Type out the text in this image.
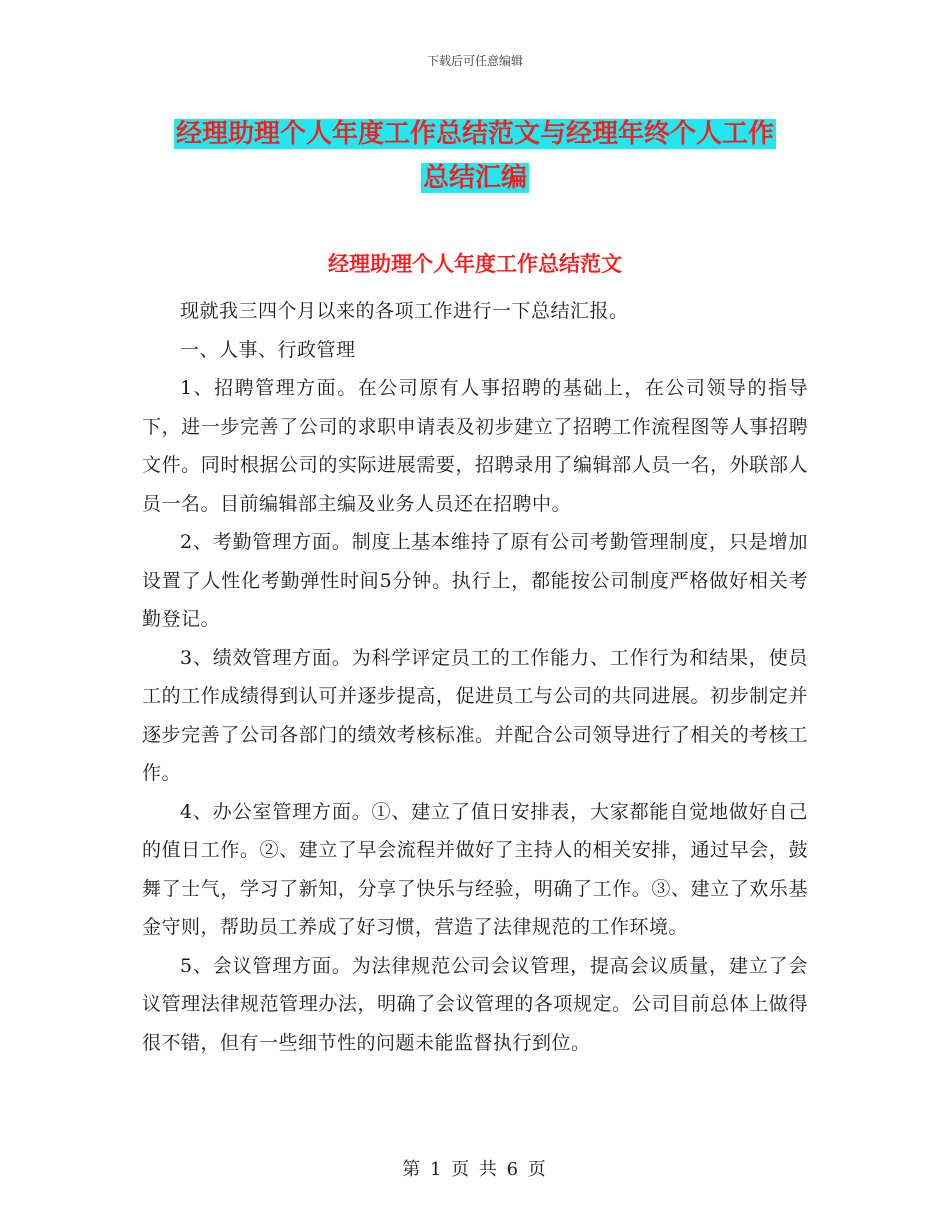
下载后可任意编辑
经理助理个人年度工作总结范文与经理年终个人工作
总结汇编
经理助理个人年度工作总结范文

现就我三四个月以来的各项工作进行一下总结汇报。

一、人事、行政管理

1、招聘管理方面。在公司原有人事招聘的基础上，在公司领导的指导下，进一步完善了公司的求职申请表及初步建立了招聘工作流程图等人事招聘文件。同时根据公司的实际进展需要，招聘录用了编辑部人员一名，外联部人员一名。目前编辑部主编及业务人员还在招聘中。

2、考勤管理方面。制度上基本维持了原有公司考勤管理制度，只是增加设置了人性化考勤弹性时间5分钟。执行上，都能按公司制度严格做好相关考勤登记。

3、绩效管理方面。为科学评定员工的工作能力、工作行为和结果，使员工的工作成绩得到认可并逐步提高，促进员工与公司的共同进展。初步制定并逐步完善了公司各部门的绩效考核标准。并配合公司领导进行了相关的考核工作。

4、办公室管理方面。①、建立了值日安排表，大家都能自觉地做好自己的值日工作。②、建立了早会流程并做好了主持人的相关安排，通过早会，鼓舞了士气，学习了新知，分享了快乐与经验，明确了工作。③、建立了欢乐基金守则，帮助员工养成了好习惯，营造了法律规范的工作环境。

5、会议管理方面。为法律规范公司会议管理，提高会议质量，建立了会议管理法律规范管理办法，明确了会议管理的各项规定。公司目前总体上做得很不错，但有一些细节性的问题未能监督执行到位。

第 1 页 共 6 页
